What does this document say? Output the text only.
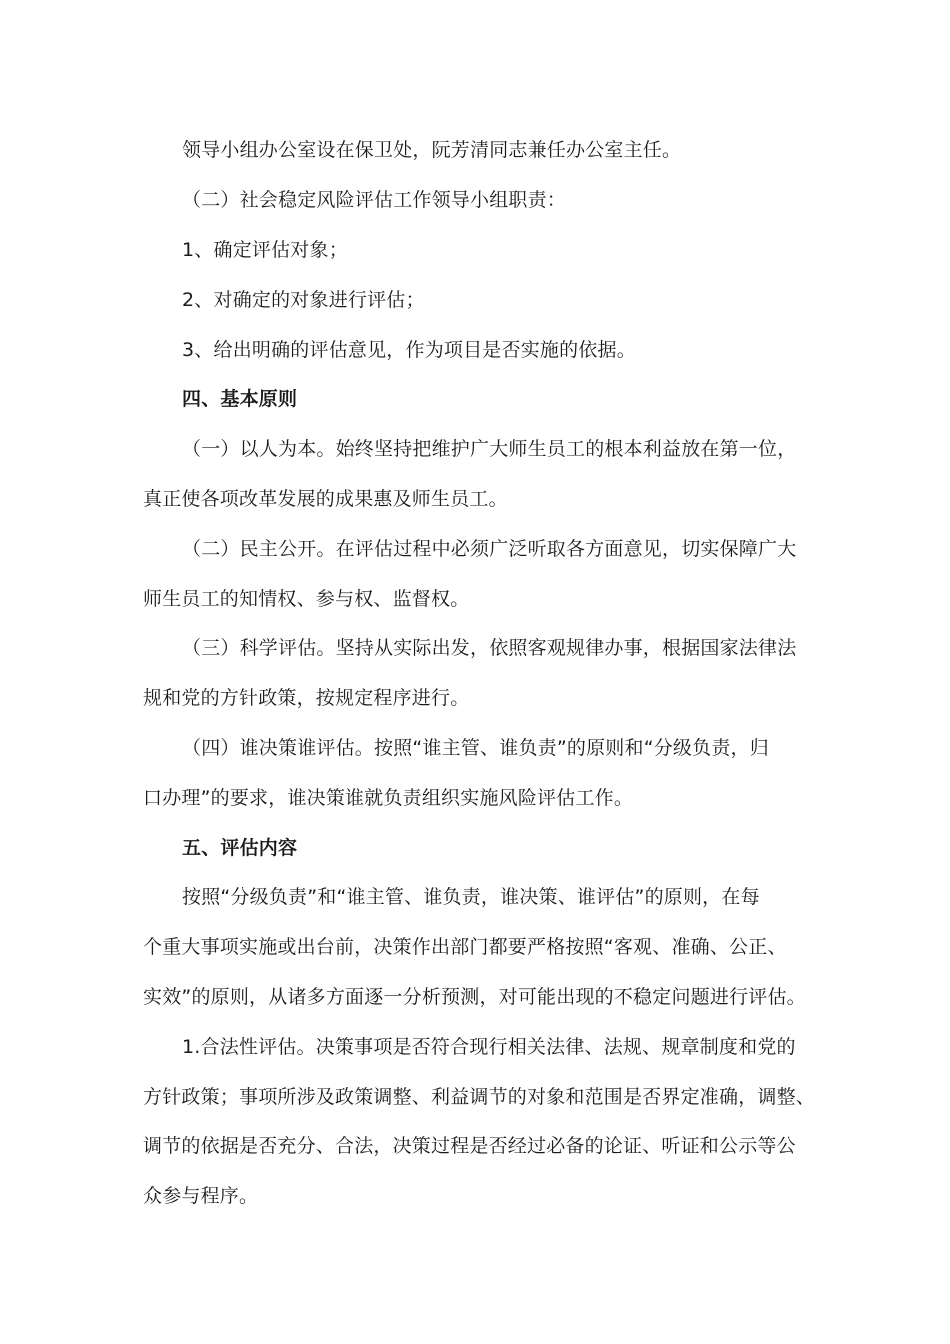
领导小组办公室设在保卫处，阮芳清同志兼任办公室主任。
（二）社会稳定风险评估工作领导小组职责：
1、确定评估对象；
2、对确定的对象进行评估；
3、给出明确的评估意见，作为项目是否实施的依据。
四、基本原则
（一）以人为本。始终坚持把维护广大师生员工的根本利益放在第一位，
真正使各项改革发展的成果惠及师生员工。
（二）民主公开。在评估过程中必须广泛听取各方面意见，切实保障广大
师生员工的知情权、参与权、监督权。
（三）科学评估。坚持从实际出发，依照客观规律办事，根据国家法律法
规和党的方针政策，按规定程序进行。
（四）谁决策谁评估。按照“谁主管、谁负责”的原则和“分级负责，归
口办理”的要求，谁决策谁就负责组织实施风险评估工作。
五、评估内容
按照“分级负责”和“谁主管、谁负责，谁决策、谁评估”的原则，在每
个重大事项实施或出台前，决策作出部门都要严格按照“客观、准确、公正、
实效”的原则，从诸多方面逐一分析预测，对可能出现的不稳定问题进行评估。
1.合法性评估。决策事项是否符合现行相关法律、法规、规章制度和党的
方针政策；事项所涉及政策调整、利益调节的对象和范围是否界定准确，调整、
调节的依据是否充分、合法，决策过程是否经过必备的论证、听证和公示等公
众参与程序。
